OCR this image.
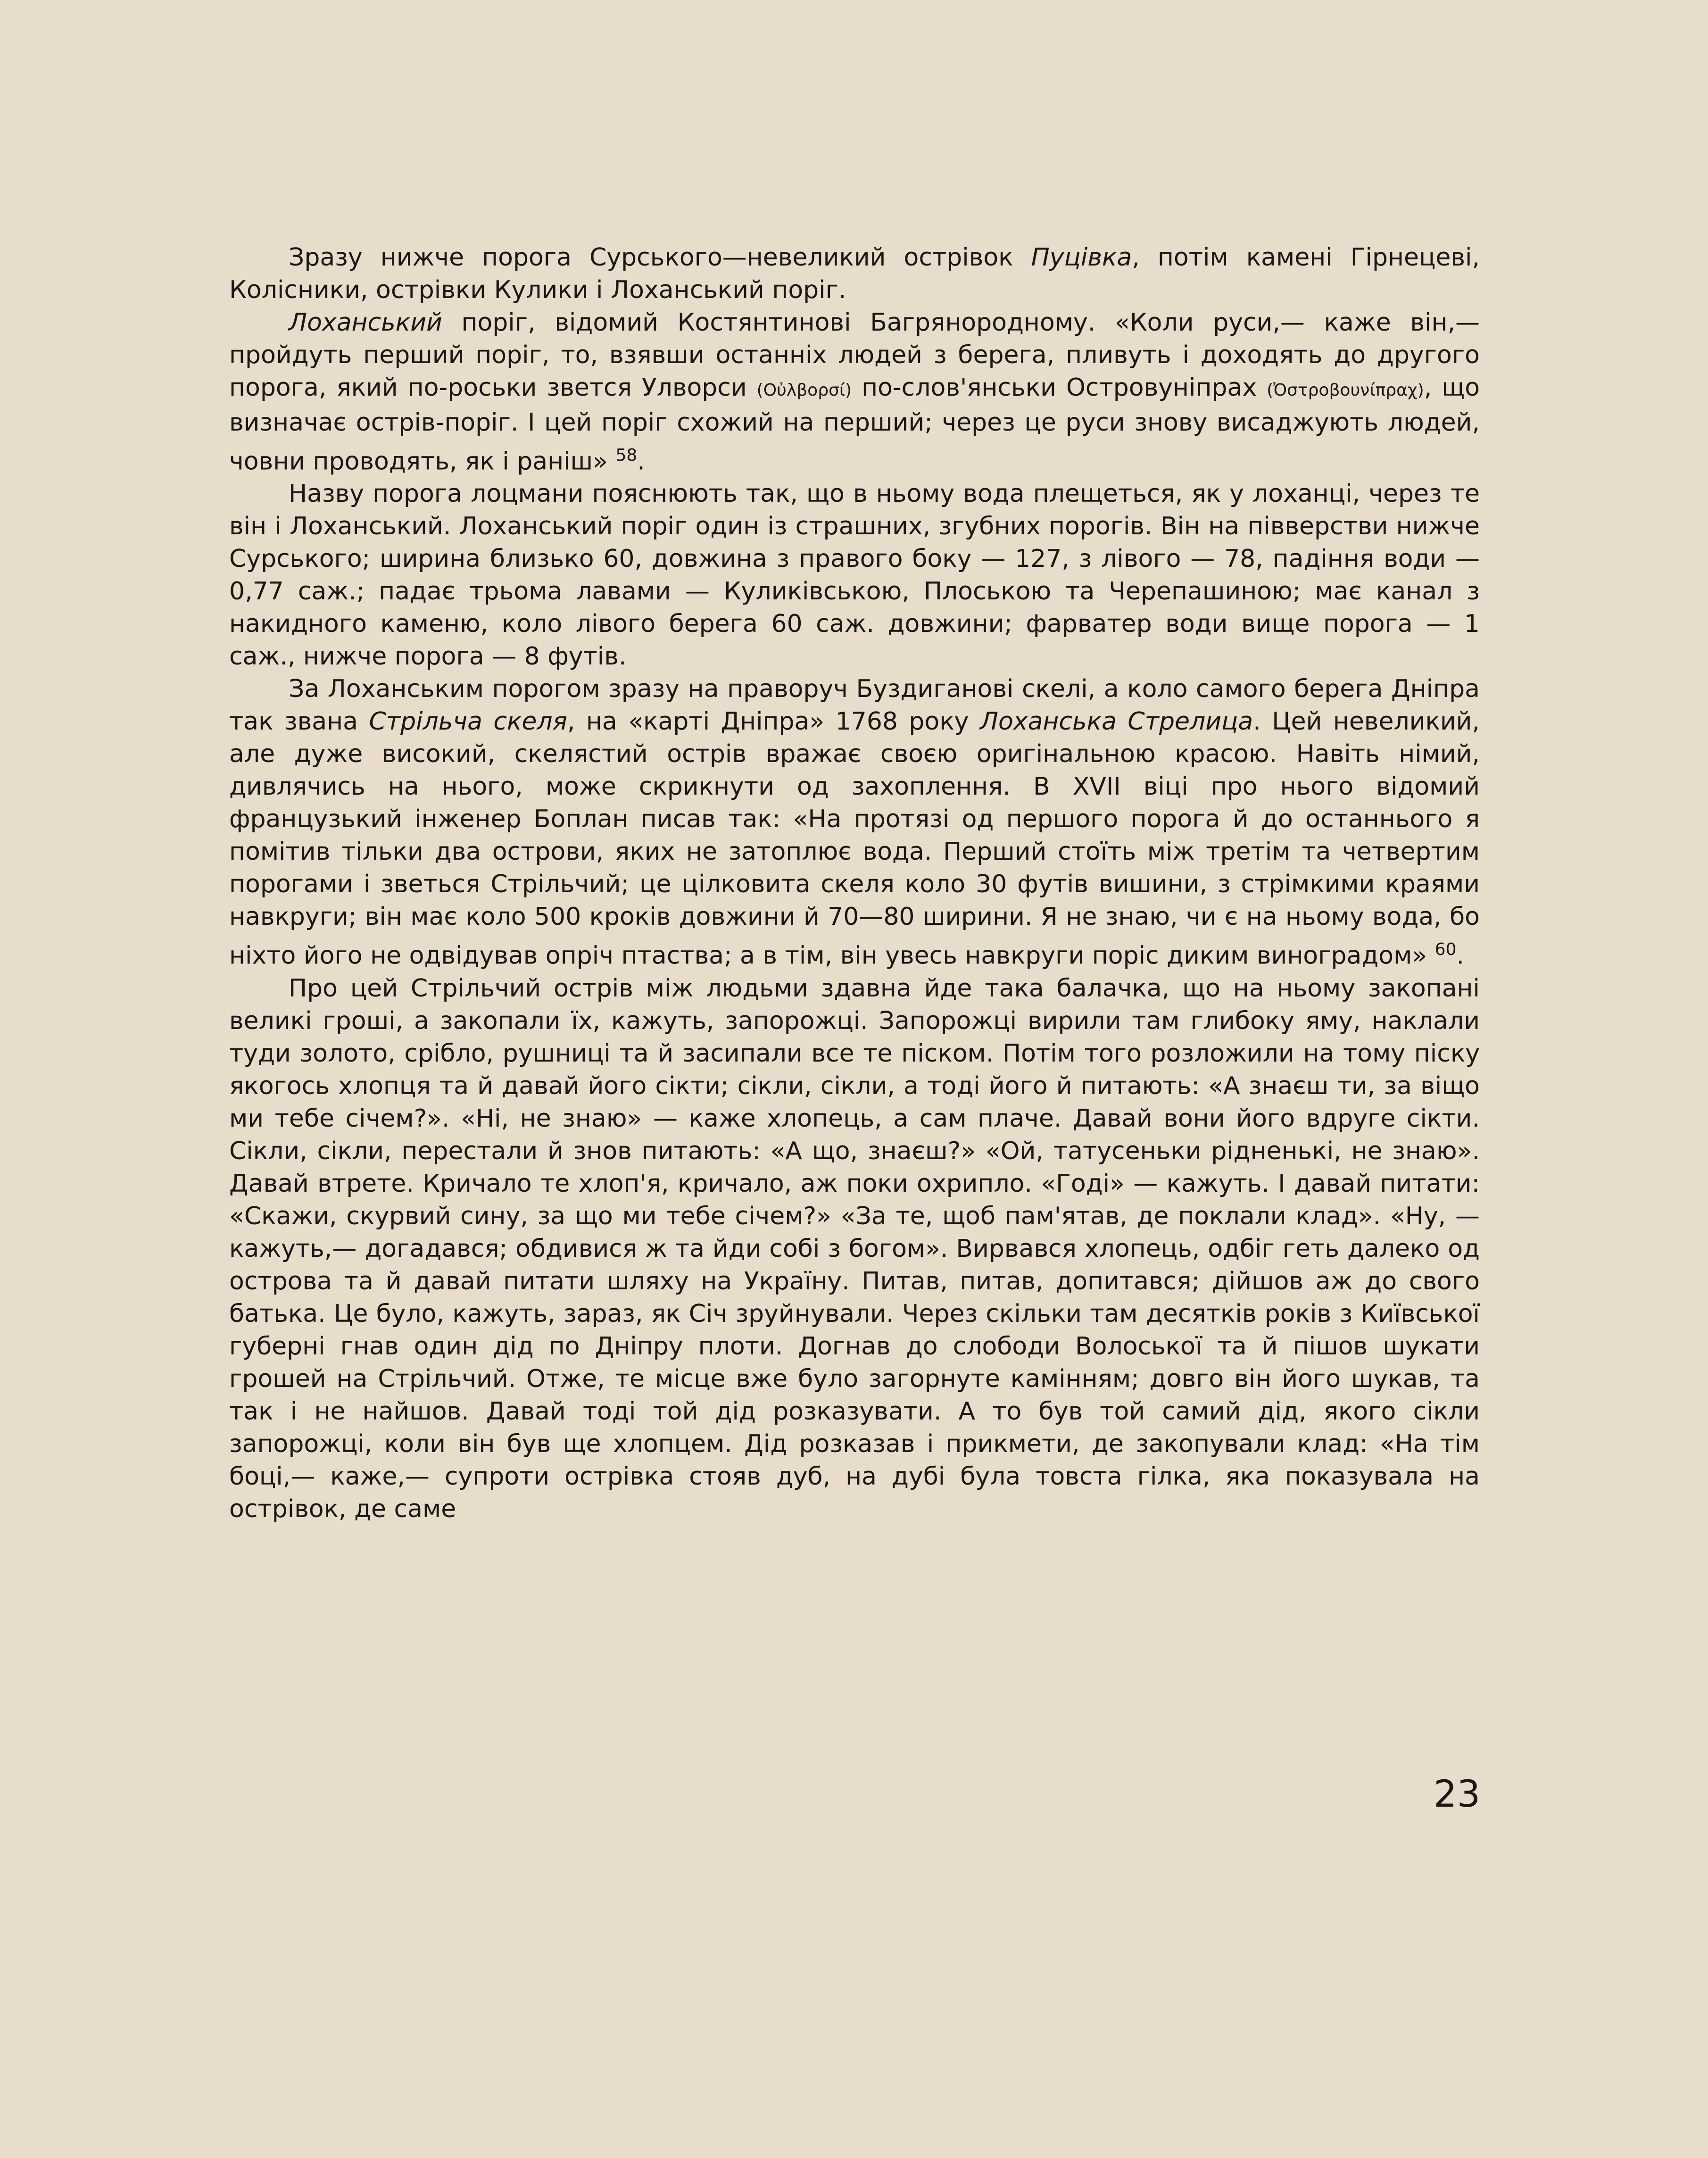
Зразу нижче порога Сурського—невеликий острівок Пуцівка, потім камені Гірнецеві, Колісники, острівки Кулики і Лоханський поріг.

Лоханський поріг, відомий Костянтинові Багрянородному. «Коли руси,— каже він,— пройдуть перший поріг, то, взявши останніх людей з берега, пливуть і доходять до другого порога, який по-роськи звется Улворси (Οὐλβορσί) по-слов'янськи Островунiпрах (Ὀστροβουνίπραχ), що визначає острів-поріг. І цей поріг схожий на перший; через це руси знову висаджують людей, човни проводять, як і раніш» $^{58}$.

Назву порога лоцмани пояснюють так, що в ньому вода плещеться, як у лоханці, через те він і Лоханський. Лоханський поріг один із страшних, згубних порогів. Він на півверстви нижче Сурського; ширина близько 60, довжина з правого боку — 127, з лівого — 78, падіння води — 0,77 саж.; падає трьома лавами — Куликівською, Плоською та Черепашиною; має канал з накидного каменю, коло лівого берега 60 саж. довжини; фарватер води вище порога — 1 саж., нижче порога — 8 футів.

За Лоханським порогом зразу на праворуч Буздиганові скелі, а коло самого берега Дніпра так звана Стрільча скеля, на «карті Дніпра» 1768 року Лоханська Стрелица. Цей невеликий, але дуже високий, скелястий острів вражає своєю оригінальною красою. Навіть німий, дивлячись на нього, може скрикнути од захоплення. В XVII віці про нього відомий французький інженер Боплан писав так: «На протязі од першого порога й до останнього я помітив тільки два острови, яких не затоплює вода. Перший стоїть між третім та четвертим порогами і зветься Стрільчий; це цілковита скеля коло 30 футів вишини, з стрімкими краями навкруги; він має коло 500 кроків довжини й 70—80 ширини. Я не знаю, чи є на ньому вода, бо ніхто його не одвідував опріч птаства; а в тім, він увесь навкруги поріс диким виноградом» $^{60}$.

Про цей Стрільчий острів між людьми здавна йде така балачка, що на ньому закопані великі гроші, а закопали їх, кажуть, запорожці. Запорожці вирили там глибоку яму, наклали туди золото, срібло, рушниці та й засипали все те піском. Потім того розложили на тому піску якогось хлопця та й давай його сікти; сікли, сікли, а тоді його й питають: «А знаєш ти, за віщо ми тебе січем?». «Ні, не знаю» — каже хлопець, а сам плаче. Давай вони його вдруге сікти. Сікли, сікли, перестали й знов питають: «А що, знаєш?» «Ой, татусеньки рідненькі, не знаю». Давай втрете. Кричало те хлоп'я, кричало, аж поки охрипло. «Годі» — кажуть. І давай питати: «Скажи, скурвий сину, за що ми тебе січем?» «За те, щоб пам'ятав, де поклали клад». «Ну, — кажуть,— догадався; обдивися ж та йди собі з богом». Вирвався хлопець, одбіг геть далеко од острова та й давай питати шляху на Україну. Питав, питав, допитався; дійшов аж до свого батька. Це було, кажуть, зараз, як Січ зруйнували. Через скільки там десятків років з Київської губерні гнав один дід по Дніпру плоти. Догнав до слободи Волоської та й пішов шукати грошей на Стрільчий. Отже, те місце вже було загорнуте камінням; довго він його шукав, та так і не найшов. Давай тоді той дід розказувати. А то був той самий дід, якого сікли запорожці, коли він був ще хлопцем. Дід розказав і прикмети, де закопували клад: «На тім боці,— каже,— супроти острівка стояв дуб, на дубі була товста гілка, яка показувала на острівок, де саме

23
